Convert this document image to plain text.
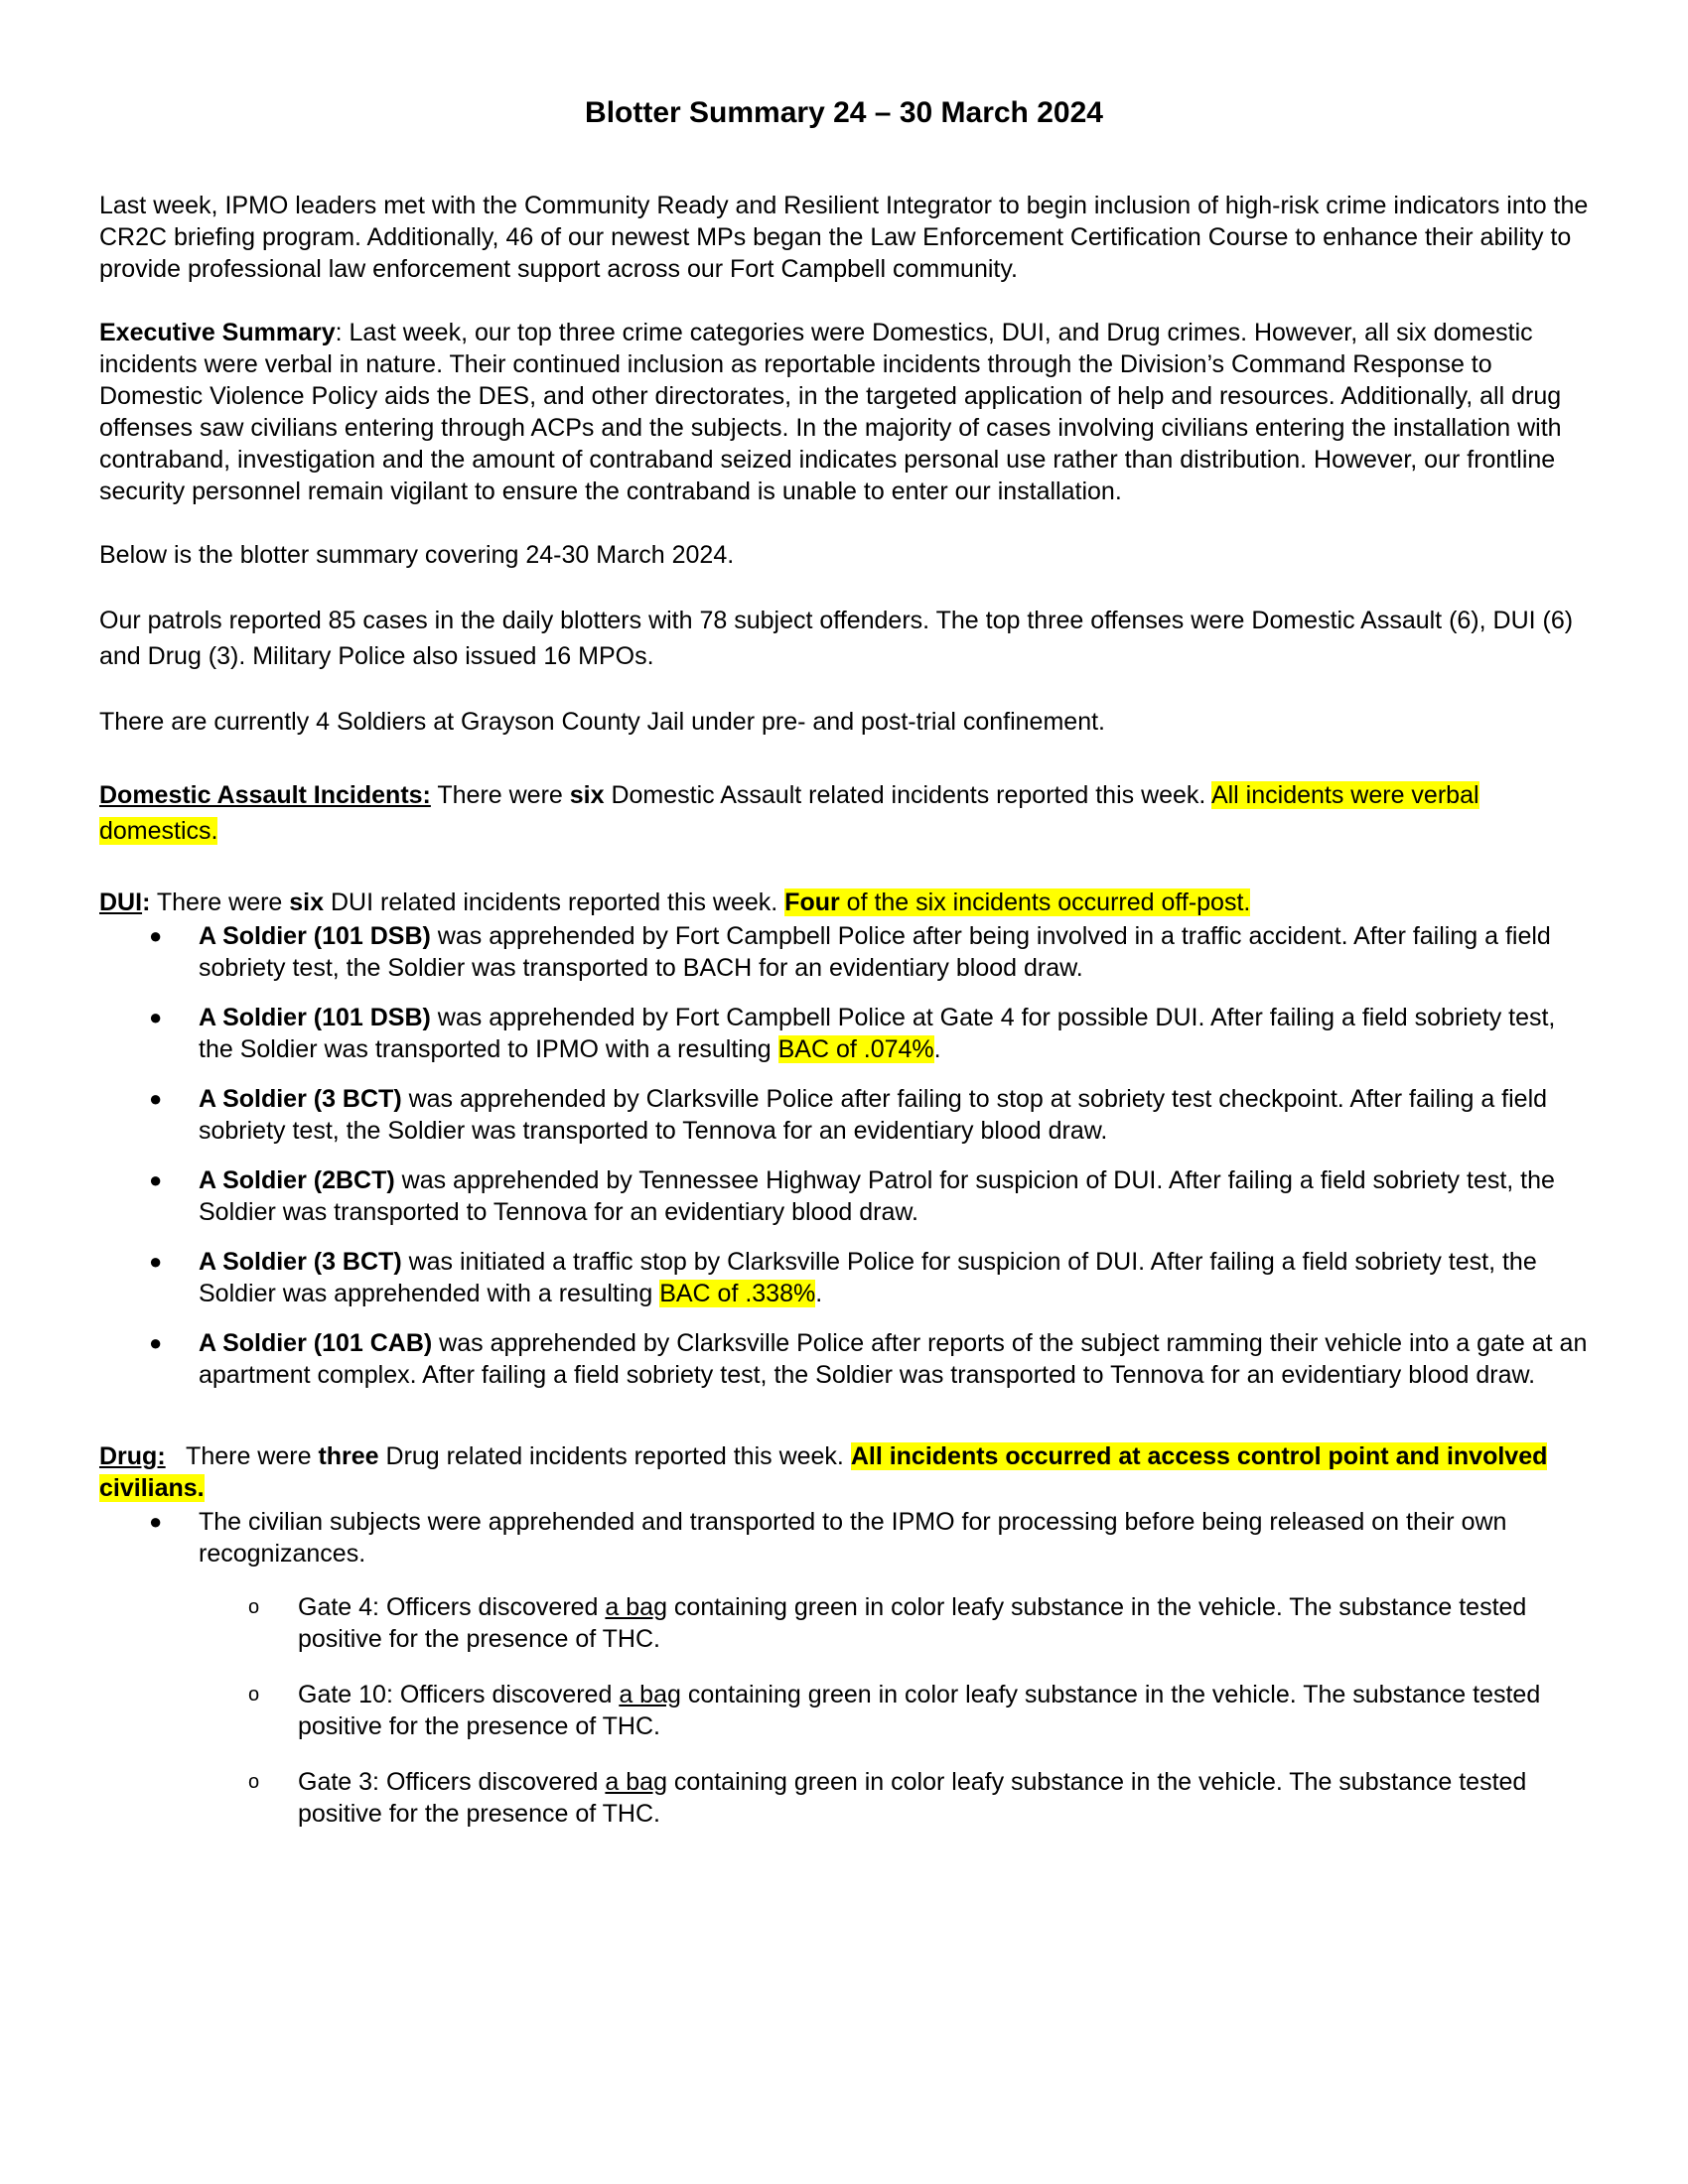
Blotter Summary 24 – 30 March 2024

Last week, IPMO leaders met with the Community Ready and Resilient Integrator to begin inclusion of high-risk crime indicators into the CR2C briefing program. Additionally, 46 of our newest MPs began the Law Enforcement Certification Course to enhance their ability to provide professional law enforcement support across our Fort Campbell community.

Executive Summary: Last week, our top three crime categories were Domestics, DUI, and Drug crimes. However, all six domestic incidents were verbal in nature. Their continued inclusion as reportable incidents through the Division’s Command Response to Domestic Violence Policy aids the DES, and other directorates, in the targeted application of help and resources. Additionally, all drug offenses saw civilians entering through ACPs and the subjects. In the majority of cases involving civilians entering the installation with contraband, investigation and the amount of contraband seized indicates personal use rather than distribution. However, our frontline security personnel remain vigilant to ensure the contraband is unable to enter our installation.

Below is the blotter summary covering 24-30 March 2024.

Our patrols reported 85 cases in the daily blotters with 78 subject offenders. The top three offenses were Domestic Assault (6), DUI (6) and Drug (3). Military Police also issued 16 MPOs.

There are currently 4 Soldiers at Grayson County Jail under pre- and post-trial confinement.

Domestic Assault Incidents: There were six Domestic Assault related incidents reported this week. All incidents were verbal domestics.

DUI: There were six DUI related incidents reported this week. Four of the six incidents occurred off-post.

● A Soldier (101 DSB) was apprehended by Fort Campbell Police after being involved in a traffic accident. After failing a field sobriety test, the Soldier was transported to BACH for an evidentiary blood draw.
● A Soldier (101 DSB) was apprehended by Fort Campbell Police at Gate 4 for possible DUI. After failing a field sobriety test, the Soldier was transported to IPMO with a resulting BAC of .074%.
● A Soldier (3 BCT) was apprehended by Clarksville Police after failing to stop at sobriety test checkpoint. After failing a field sobriety test, the Soldier was transported to Tennova for an evidentiary blood draw.
● A Soldier (2BCT) was apprehended by Tennessee Highway Patrol for suspicion of DUI. After failing a field sobriety test, the Soldier was transported to Tennova for an evidentiary blood draw.
● A Soldier (3 BCT) was initiated a traffic stop by Clarksville Police for suspicion of DUI. After failing a field sobriety test, the Soldier was apprehended with a resulting BAC of .338%.
● A Soldier (101 CAB) was apprehended by Clarksville Police after reports of the subject ramming their vehicle into a gate at an apartment complex. After failing a field sobriety test, the Soldier was transported to Tennova for an evidentiary blood draw.

Drug:   There were three Drug related incidents reported this week. All incidents occurred at access control point and involved civilians.

● The civilian subjects were apprehended and transported to the IPMO for processing before being released on their own recognizances.
o Gate 4: Officers discovered a bag containing green in color leafy substance in the vehicle. The substance tested positive for the presence of THC.
o Gate 10: Officers discovered a bag containing green in color leafy substance in the vehicle. The substance tested positive for the presence of THC.
o Gate 3: Officers discovered a bag containing green in color leafy substance in the vehicle. The substance tested positive for the presence of THC.
